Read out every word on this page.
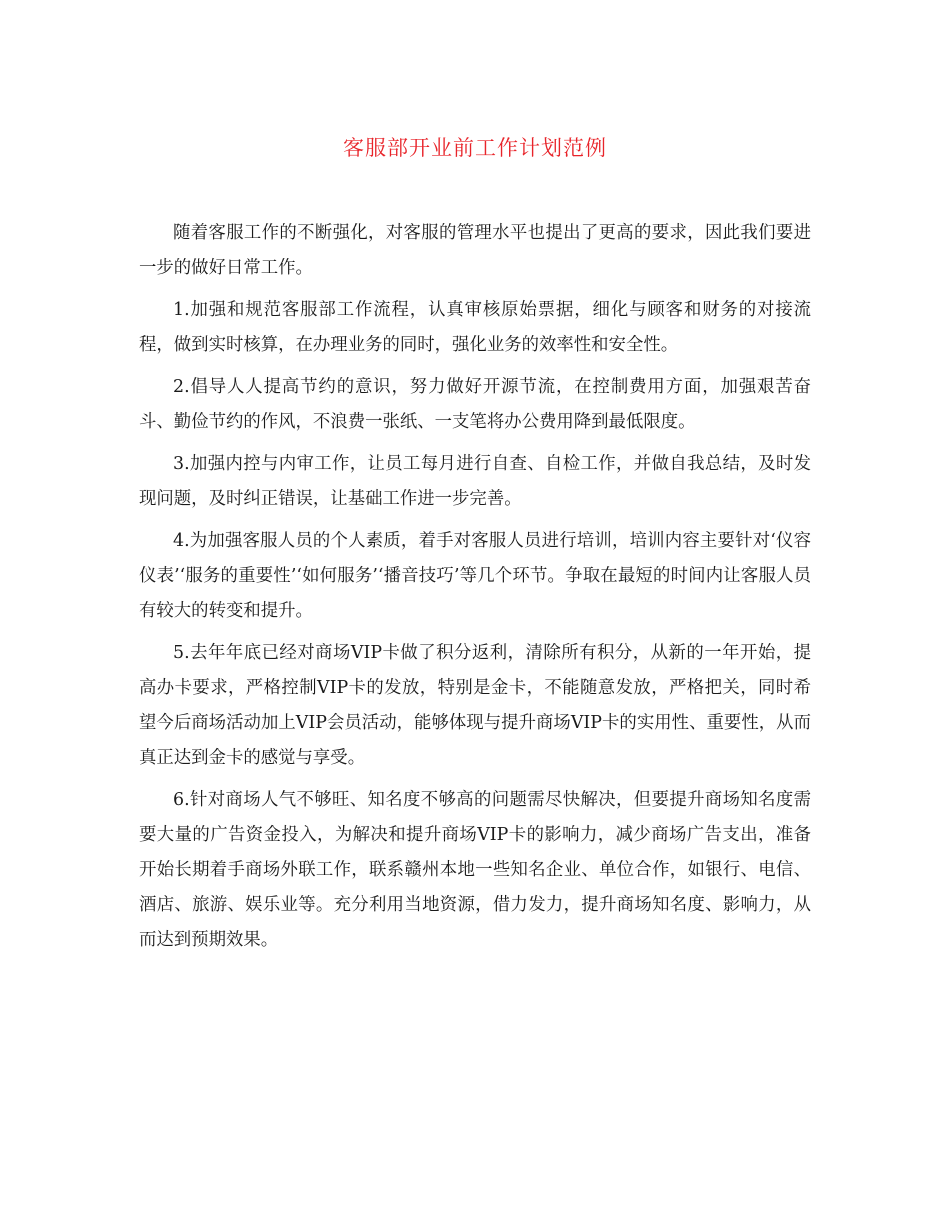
客服部开业前工作计划范例

随着客服工作的不断强化，对客服的管理水平也提出了更高的要求，因此我们要进一步的做好日常工作。

1.加强和规范客服部工作流程，认真审核原始票据，细化与顾客和财务的对接流程，做到实时核算，在办理业务的同时，强化业务的效率性和安全性。

2.倡导人人提高节约的意识，努力做好开源节流，在控制费用方面，加强艰苦奋斗、勤俭节约的作风，不浪费一张纸、一支笔将办公费用降到最低限度。

3.加强内控与内审工作，让员工每月进行自查、自检工作，并做自我总结，及时发现问题，及时纠正错误，让基础工作进一步完善。

4.为加强客服人员的个人素质，着手对客服人员进行培训，培训内容主要针对‘仪容仪表’‘服务的重要性’‘如何服务’‘播音技巧’等几个环节。争取在最短的时间内让客服人员有较大的转变和提升。

5.去年年底已经对商场VIP卡做了积分返利，清除所有积分，从新的一年开始，提高办卡要求，严格控制VIP卡的发放，特别是金卡，不能随意发放，严格把关，同时希望今后商场活动加上VIP会员活动，能够体现与提升商场VIP卡的实用性、重要性，从而真正达到金卡的感觉与享受。

6.针对商场人气不够旺、知名度不够高的问题需尽快解决，但要提升商场知名度需要大量的广告资金投入，为解决和提升商场VIP卡的影响力，减少商场广告支出，准备开始长期着手商场外联工作，联系赣州本地一些知名企业、单位合作，如银行、电信、酒店、旅游、娱乐业等。充分利用当地资源，借力发力，提升商场知名度、影响力，从而达到预期效果。
